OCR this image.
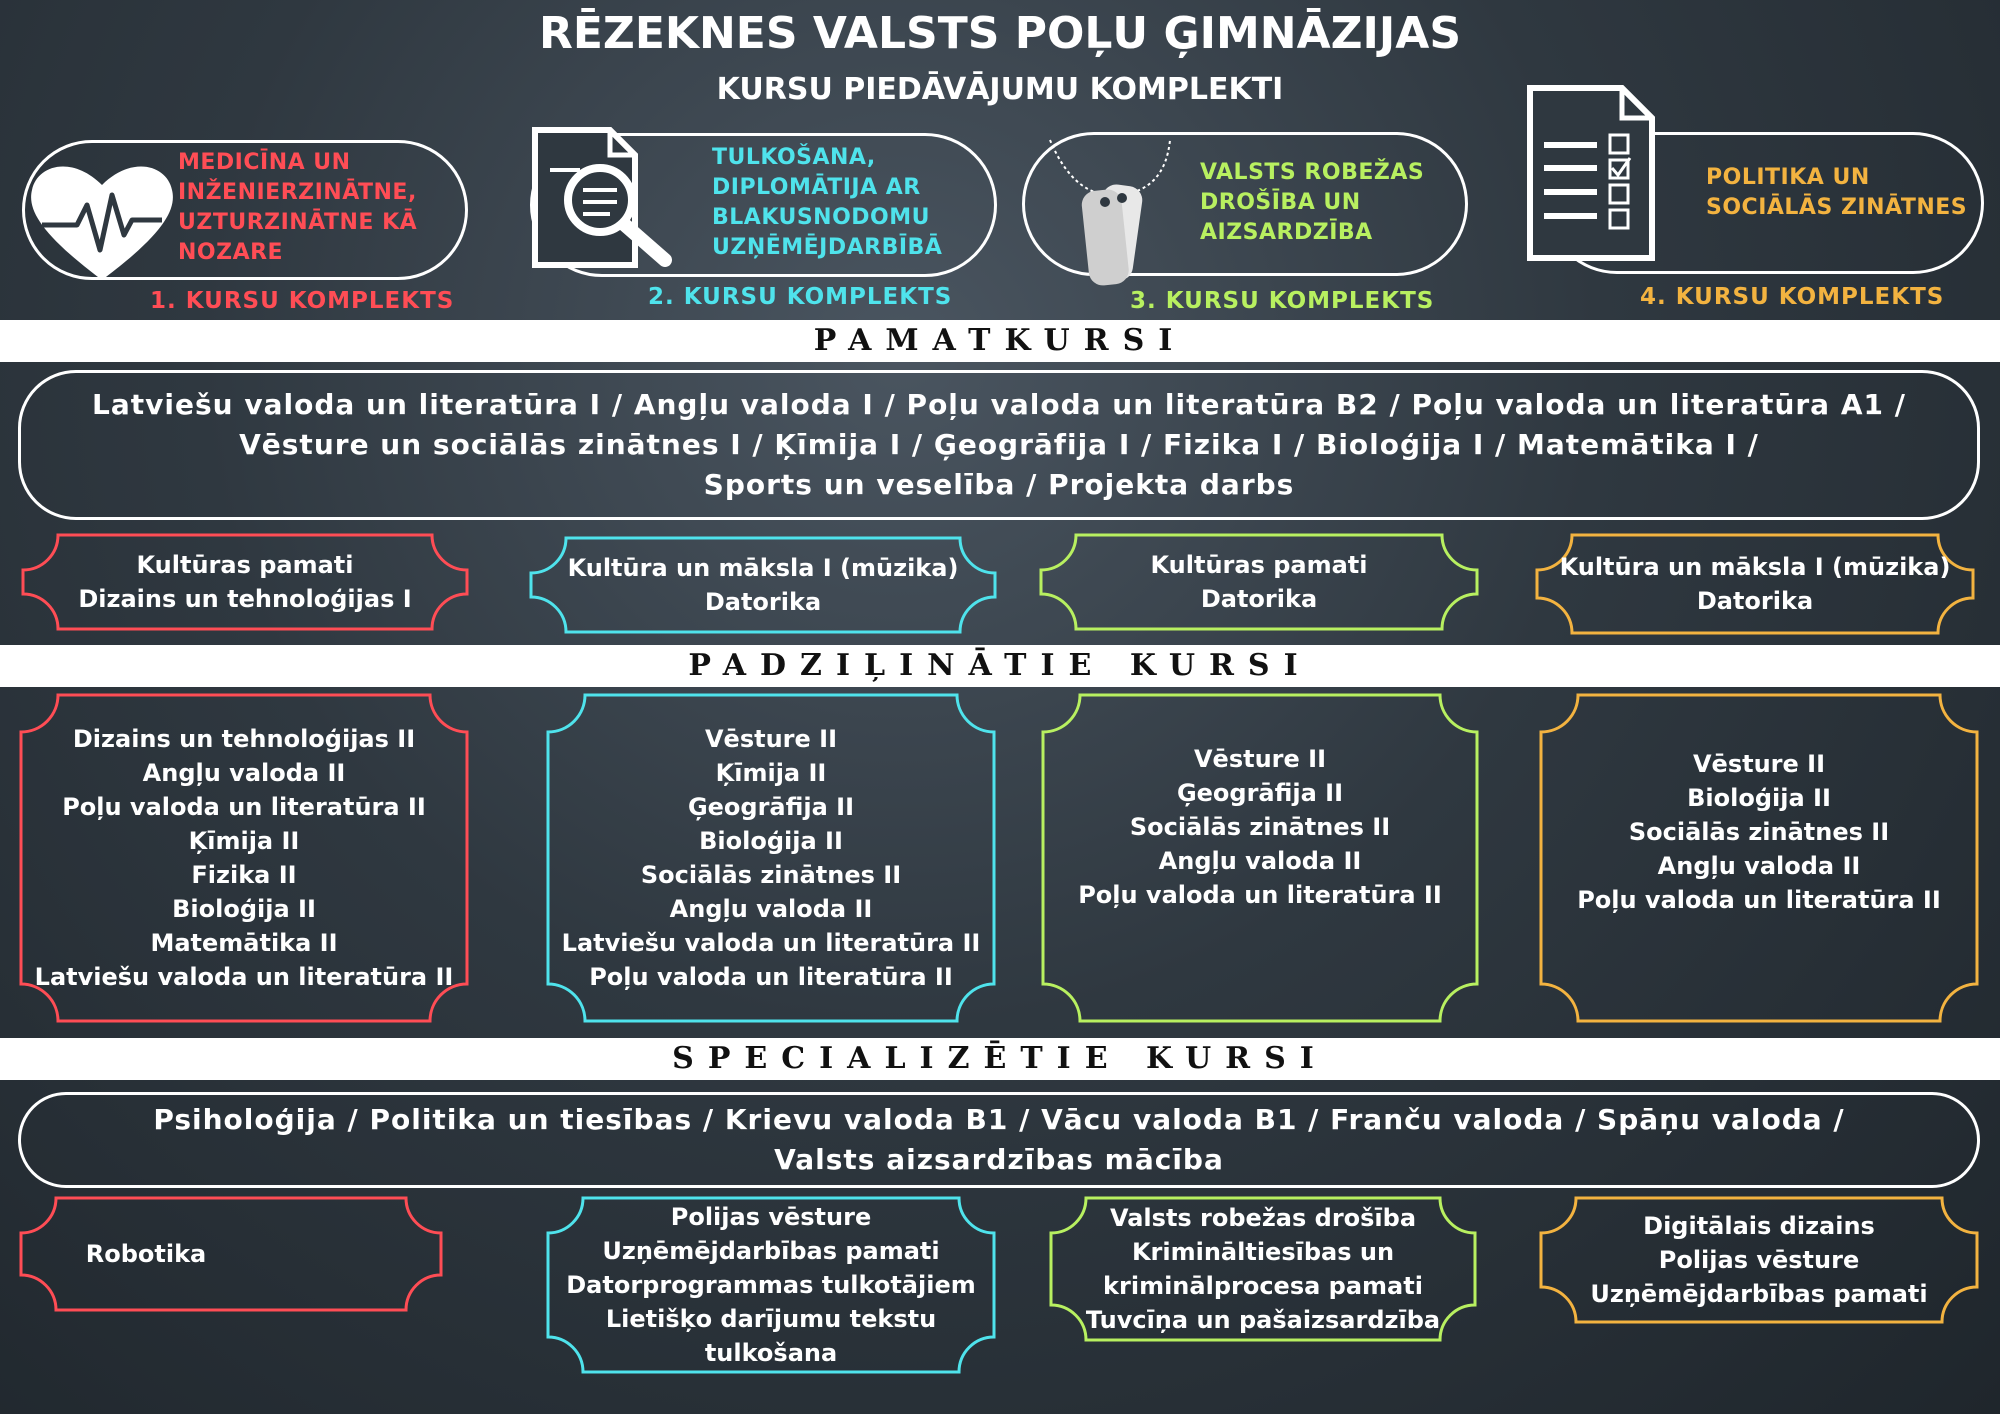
RĒZEKNES VALSTS POĻU ĢIMNĀZIJAS
KURSU PIEDĀVĀJUMU KOMPLEKTI
MEDICĪNA UN
INŽENIERZINĀTNE,
UZTURZINĀTNE KĀ
NOZARE
TULKOŠANA,
DIPLOMĀTIJA AR
BLAKUSNODOMU
UZŅĒMĒJDARBĪBĀ
VALSTS ROBEŽAS
DROŠĪBA UN
AIZSARDZĪBA
POLITIKA UN
SOCIĀLĀS ZINĀTNES
1. KURSU KOMPLEKTS	2. KURSU KOMPLEKTS	3. KURSU KOMPLEKTS	4. KURSU KOMPLEKTS
PAMATKURSI
Latviešu valoda un literatūra I / Angļu valoda I / Poļu valoda un literatūra B2 / Poļu valoda un literatūra A1 /
Vēsture un sociālās zinātnes I / Ķīmija I / Ģeogrāfija I / Fizika I / Bioloģija I / Matemātika I /
Sports un veselība / Projekta darbs
Kultūras pamati
Dizains un tehnoloģijas I
Kultūra un māksla I (mūzika)
Datorika
Kultūras pamati
Datorika
Kultūra un māksla I (mūzika)
Datorika
PADZIĻINĀTIE KURSI
Dizains un tehnoloģijas II
Angļu valoda II
Poļu valoda un literatūra II
Ķīmija II
Fizika II
Bioloģija II
Matemātika II
Latviešu valoda un literatūra II
Vēsture II
Ķīmija II
Ģeogrāfija II
Bioloģija II
Sociālās zinātnes II
Angļu valoda II
Latviešu valoda un literatūra II
Poļu valoda un literatūra II
Vēsture II
Ģeogrāfija II
Sociālās zinātnes II
Angļu valoda II
Poļu valoda un literatūra II
Vēsture II
Bioloģija II
Sociālās zinātnes II
Angļu valoda II
Poļu valoda un literatūra II
SPECIALIZĒTIE KURSI
Psiholoģija / Politika un tiesības / Krievu valoda B1 / Vācu valoda B1 / Franču valoda / Spāņu valoda /
Valsts aizsardzības mācība
Robotika
Polijas vēsture
Uzņēmējdarbības pamati
Datorprogrammas tulkotājiem
Lietišķo darījumu tekstu
tulkošana
Valsts robežas drošība
Krimināltiesības un
kriminālprocesa pamati
Tuvcīņa un pašaizsardzība
Digitālais dizains
Polijas vēsture
Uzņēmējdarbības pamati
